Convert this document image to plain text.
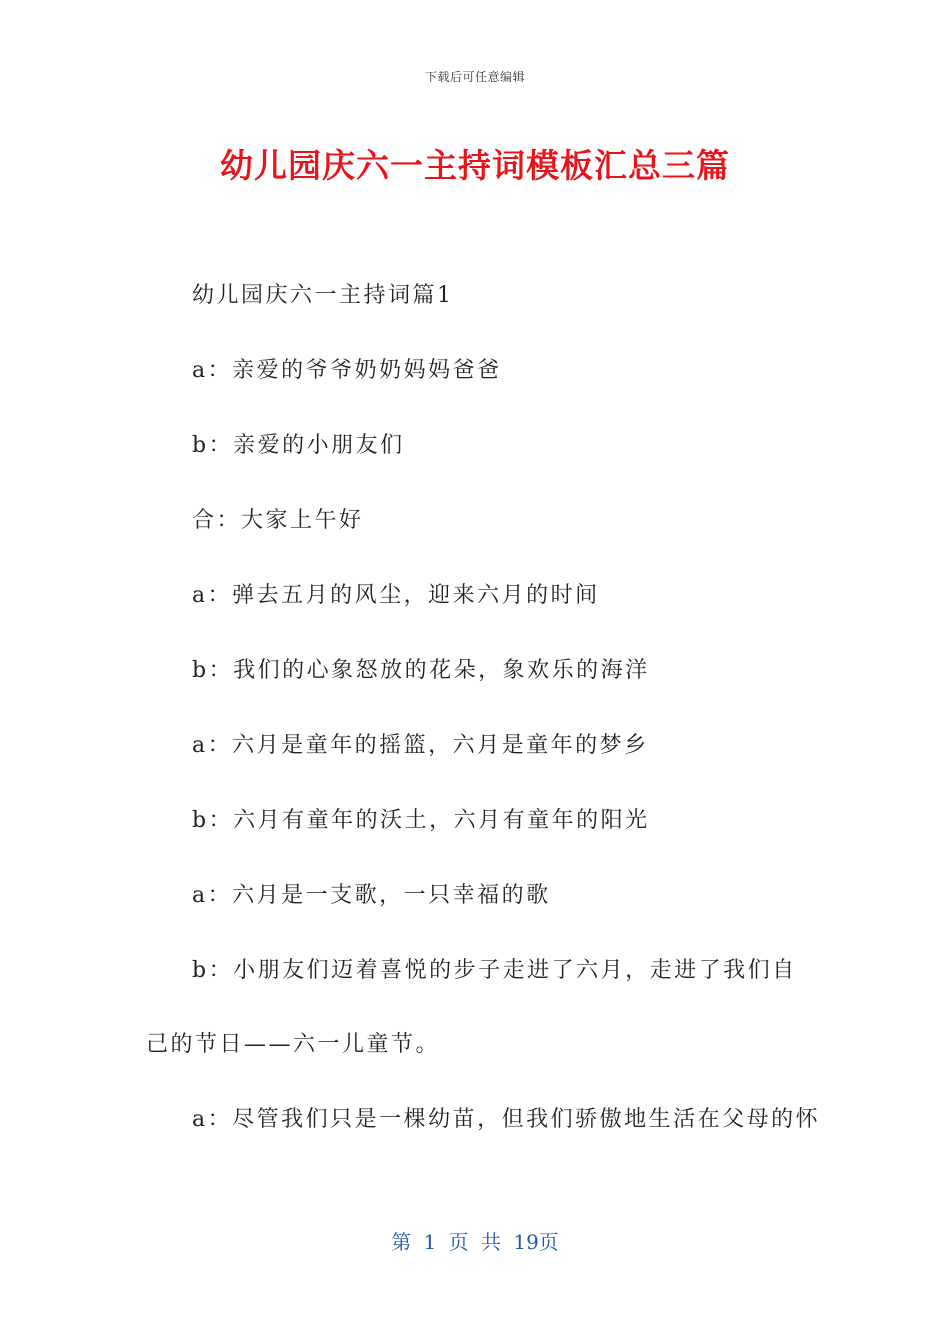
下载后可任意编辑
幼儿园庆六一主持词模板汇总三篇

幼儿园庆六一主持词篇1

a：亲爱的爷爷奶奶妈妈爸爸

b：亲爱的小朋友们

合：大家上午好

a：弹去五月的风尘，迎来六月的时间

b：我们的心象怒放的花朵，象欢乐的海洋

a：六月是童年的摇篮，六月是童年的梦乡

b：六月有童年的沃土，六月有童年的阳光

a：六月是一支歌，一只幸福的歌

b：小朋友们迈着喜悦的步子走进了六月，走进了我们自己的节日——六一儿童节。

a：尽管我们只是一棵幼苗，但我们骄傲地生活在父母的怀

第 1 页 共 19页
